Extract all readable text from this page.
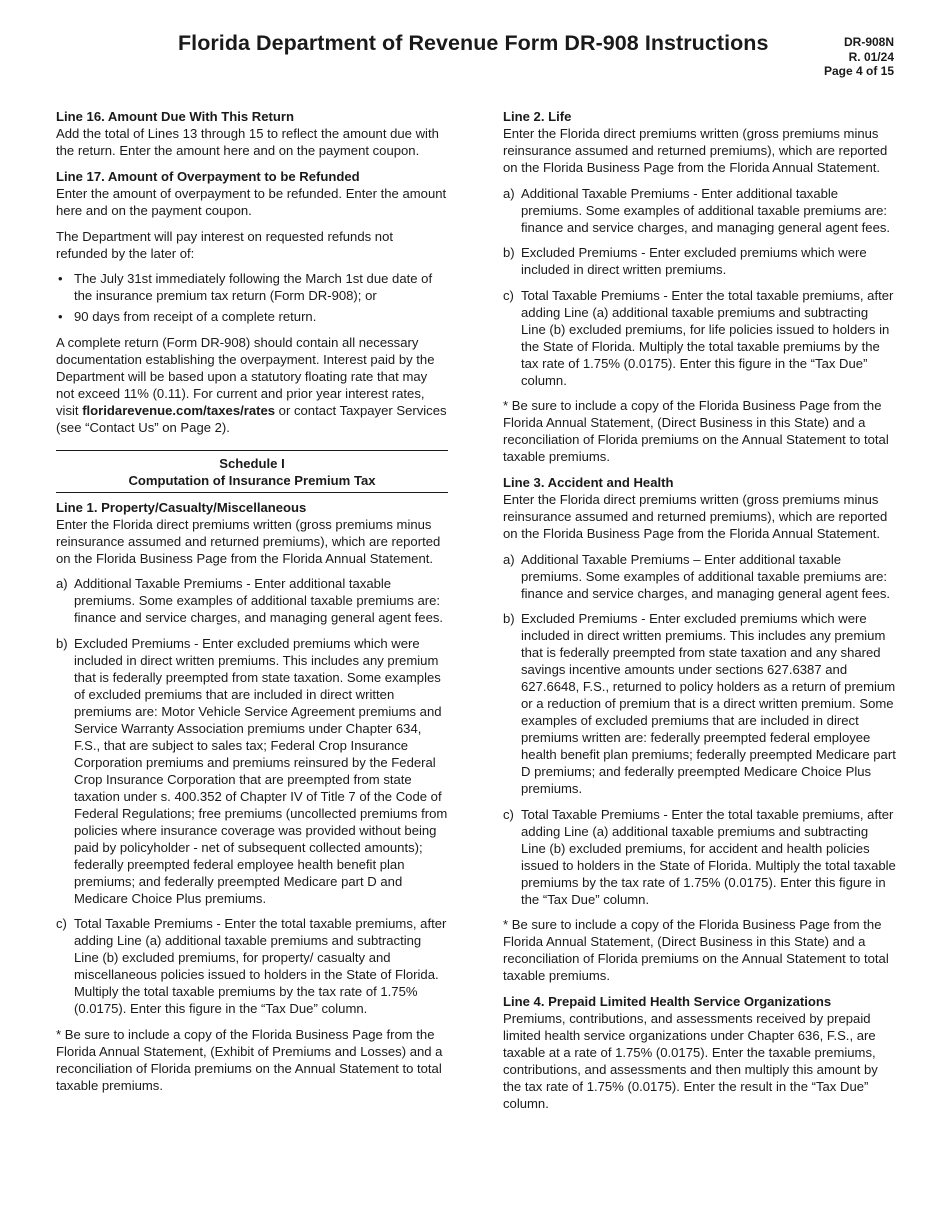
Florida Department of Revenue Form DR-908 Instructions	DR-908N
R. 01/24
Page 4 of 15
Line 16. Amount Due With This Return

Add the total of Lines 13 through 15 to reflect the amount due with the return. Enter the amount here and on the payment coupon.

Line 17. Amount of Overpayment to be Refunded

Enter the amount of overpayment to be refunded. Enter the amount here and on the payment coupon.

The Department will pay interest on requested refunds not refunded by the later of:

• The July 31st immediately following the March 1st due date of the insurance premium tax return (Form DR-908); or
• 90 days from receipt of a complete return.

A complete return (Form DR-908) should contain all necessary documentation establishing the overpayment. Interest paid by the Department will be based upon a statutory floating rate that may not exceed 11% (0.11). For current and prior year interest rates, visit floridarevenue.com/taxes/rates or contact Taxpayer Services (see “Contact Us” on Page 2).

Schedule I
Computation of Insurance Premium Tax
Line 1. Property/Casualty/Miscellaneous

Enter the Florida direct premiums written (gross premiums minus reinsurance assumed and returned premiums), which are reported on the Florida Business Page from the Florida Annual Statement.

a) Additional Taxable Premiums - Enter additional taxable premiums. Some examples of additional taxable premiums are: finance and service charges, and managing general agent fees.
b) Excluded Premiums - Enter excluded premiums which were included in direct written premiums. This includes any premium that is federally preempted from state taxation. Some examples of excluded premiums that are included in direct written premiums are: Motor Vehicle Service Agreement premiums and Service Warranty Association premiums under Chapter 634, F.S., that are subject to sales tax; Federal Crop Insurance Corporation premiums and premiums reinsured by the Federal Crop Insurance Corporation that are preempted from state taxation under s. 400.352 of Chapter IV of Title 7 of the Code of Federal Regulations; free premiums (uncollected premiums from policies where insurance coverage was provided without being paid by policyholder - net of subsequent collected amounts); federally preempted federal employee health benefit plan premiums; and federally preempted Medicare part D and Medicare Choice Plus premiums.
c) Total Taxable Premiums - Enter the total taxable premiums, after adding Line (a) additional taxable premiums and subtracting Line (b) excluded premiums, for property/ casualty and miscellaneous policies issued to holders in the State of Florida. Multiply the total taxable premiums by the tax rate of 1.75% (0.0175). Enter this figure in the “Tax Due” column.

* Be sure to include a copy of the Florida Business Page from the Florida Annual Statement, (Exhibit of Premiums and Losses) and a reconciliation of Florida premiums on the Annual Statement to total taxable premiums.

Line 2. Life

Enter the Florida direct premiums written (gross premiums minus reinsurance assumed and returned premiums), which are reported on the Florida Business Page from the Florida Annual Statement.

a) Additional Taxable Premiums - Enter additional taxable premiums. Some examples of additional taxable premiums are: finance and service charges, and managing general agent fees.
b) Excluded Premiums - Enter excluded premiums which were included in direct written premiums.
c) Total Taxable Premiums - Enter the total taxable premiums, after adding Line (a) additional taxable premiums and subtracting Line (b) excluded premiums, for life policies issued to holders in the State of Florida. Multiply the total taxable premiums by the tax rate of 1.75% (0.0175). Enter this figure in the “Tax Due” column.

* Be sure to include a copy of the Florida Business Page from the Florida Annual Statement, (Direct Business in this State) and a reconciliation of Florida premiums on the Annual Statement to total taxable premiums.

Line 3. Accident and Health

Enter the Florida direct premiums written (gross premiums minus reinsurance assumed and returned premiums), which are reported on the Florida Business Page from the Florida Annual Statement.

a) Additional Taxable Premiums – Enter additional taxable premiums. Some examples of additional taxable premiums are: finance and service charges, and managing general agent fees.
b) Excluded Premiums - Enter excluded premiums which were included in direct written premiums. This includes any premium that is federally preempted from state taxation and any shared savings incentive amounts under sections 627.6387 and 627.6648, F.S., returned to policy holders as a return of premium or a reduction of premium that is a direct written premium. Some examples of excluded premiums that are included in direct premiums written are: federally preempted federal employee health benefit plan premiums; federally preempted Medicare part D premiums; and federally preempted Medicare Choice Plus premiums.
c) Total Taxable Premiums - Enter the total taxable premiums, after adding Line (a) additional taxable premiums and subtracting Line (b) excluded premiums, for accident and health policies issued to holders in the State of Florida. Multiply the total taxable premiums by the tax rate of 1.75% (0.0175). Enter this figure in the “Tax Due” column.

* Be sure to include a copy of the Florida Business Page from the Florida Annual Statement, (Direct Business in this State) and a reconciliation of Florida premiums on the Annual Statement to total taxable premiums.

Line 4. Prepaid Limited Health Service Organizations

Premiums, contributions, and assessments received by prepaid limited health service organizations under Chapter 636, F.S., are taxable at a rate of 1.75% (0.0175). Enter the taxable premiums, contributions, and assessments and then multiply this amount by the tax rate of 1.75% (0.0175). Enter the result in the “Tax Due” column.
